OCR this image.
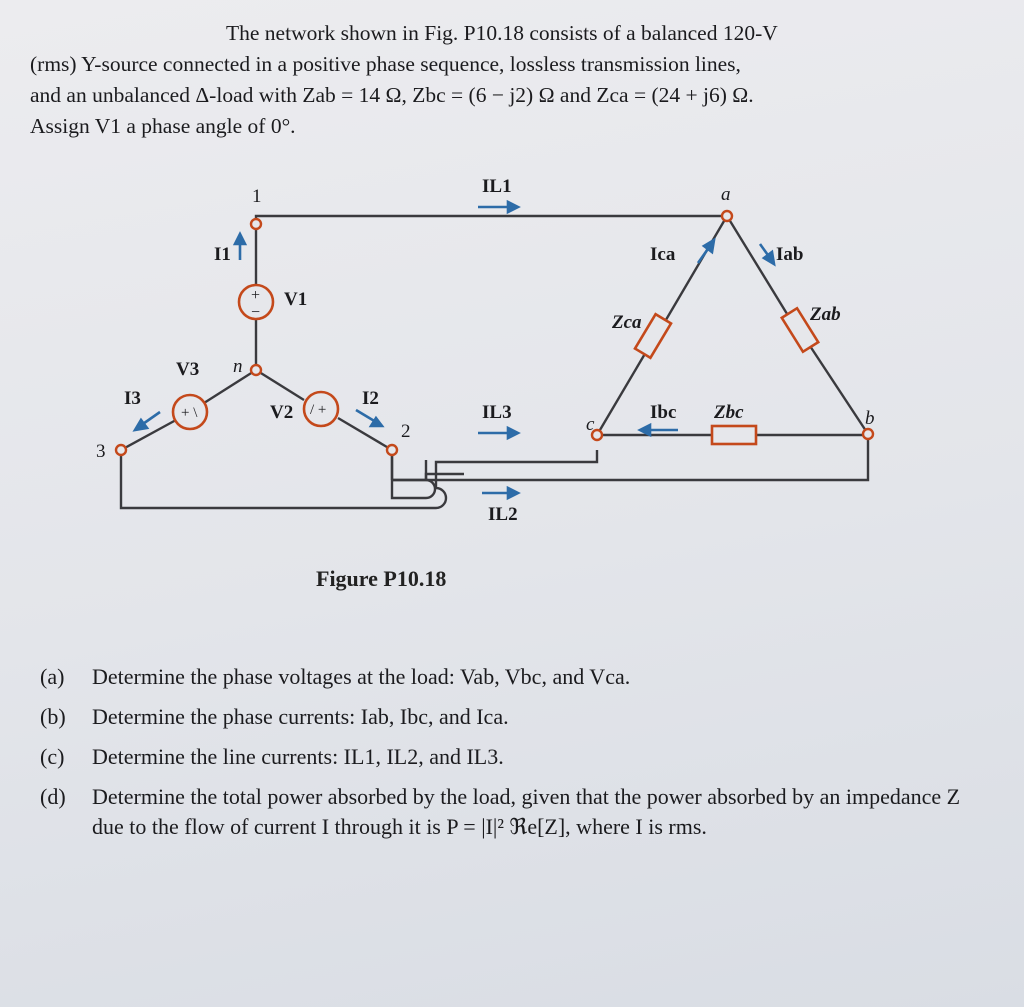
The network shown in Fig. P10.18 consists of a balanced 120-V
(rms) Y-source connected in a positive phase sequence, lossless transmission lines,
and an unbalanced Δ-load with Zab = 14 Ω, Zbc = (6 − j2) Ω and Zca = (24 + j6) Ω.
Assign V1 a phase angle of 0°.
+
−
+ \	/ +
1
2
3
n
a
b
c
V1
V2
V3
I1
I2
I3
IL1
IL3
IL2
Ica	Iab
Ibc
Zca	Zab
Zbc
Figure P10.18
(a) Determine the phase voltages at the load: Vab, Vbc, and Vca.
(b) Determine the phase currents: Iab, Ibc, and Ica.
(c) Determine the line currents: IL1, IL2, and IL3.
(d) Determine the total power absorbed by the load, given that the power absorbed by an impedance Z due to the flow of current I through it is P = |I|² ℜe[Z], where I is rms.
